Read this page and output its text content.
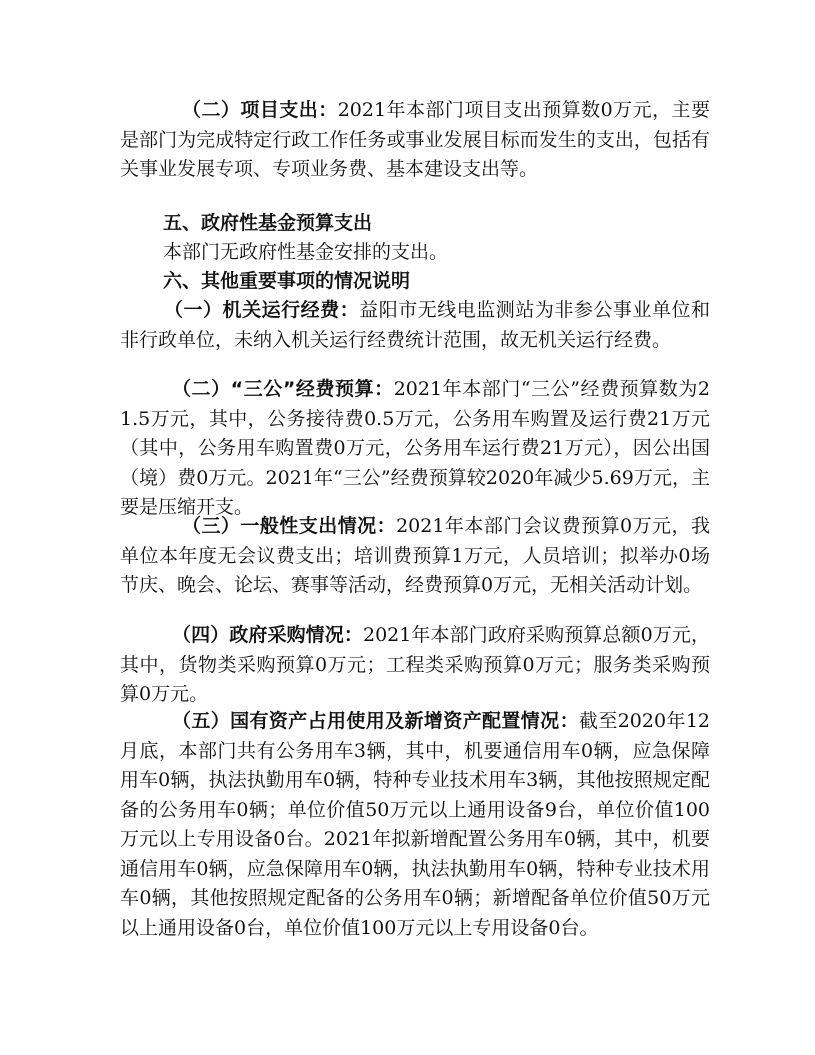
（二）项目支出：2021年本部门项目支出预算数0万元，主要是部门为完成特定行政工作任务或事业发展目标而发生的支出，包括有关事业发展专项、专项业务费、基本建设支出等。

五、政府性基金预算支出

本部门无政府性基金安排的支出。

六、其他重要事项的情况说明

（一）机关运行经费：益阳市无线电监测站为非参公事业单位和非行政单位，未纳入机关运行经费统计范围，故无机关运行经费。

（二）“三公”经费预算：2021年本部门“三公”经费预算数为21.5万元，其中，公务接待费0.5万元，公务用车购置及运行费21万元（其中，公务用车购置费0万元，公务用车运行费21万元），因公出国（境）费0万元。2021年“三公”经费预算较2020年减少5.69万元，主要是压缩开支。

（三）一般性支出情况：2021年本部门会议费预算0万元，我单位本年度无会议费支出；培训费预算1万元，人员培训；拟举办0场节庆、晚会、论坛、赛事等活动，经费预算0万元，无相关活动计划。

（四）政府采购情况：2021年本部门政府采购预算总额0万元，其中，货物类采购预算0万元；工程类采购预算0万元；服务类采购预算0万元。

（五）国有资产占用使用及新增资产配置情况：截至2020年12月底，本部门共有公务用车3辆，其中，机要通信用车0辆，应急保障用车0辆，执法执勤用车0辆，特种专业技术用车3辆，其他按照规定配备的公务用车0辆；单位价值50万元以上通用设备9台，单位价值100万元以上专用设备0台。2021年拟新增配置公务用车0辆，其中，机要通信用车0辆，应急保障用车0辆，执法执勤用车0辆，特种专业技术用车0辆，其他按照规定配备的公务用车0辆；新增配备单位价值50万元以上通用设备0台，单位价值100万元以上专用设备0台。
